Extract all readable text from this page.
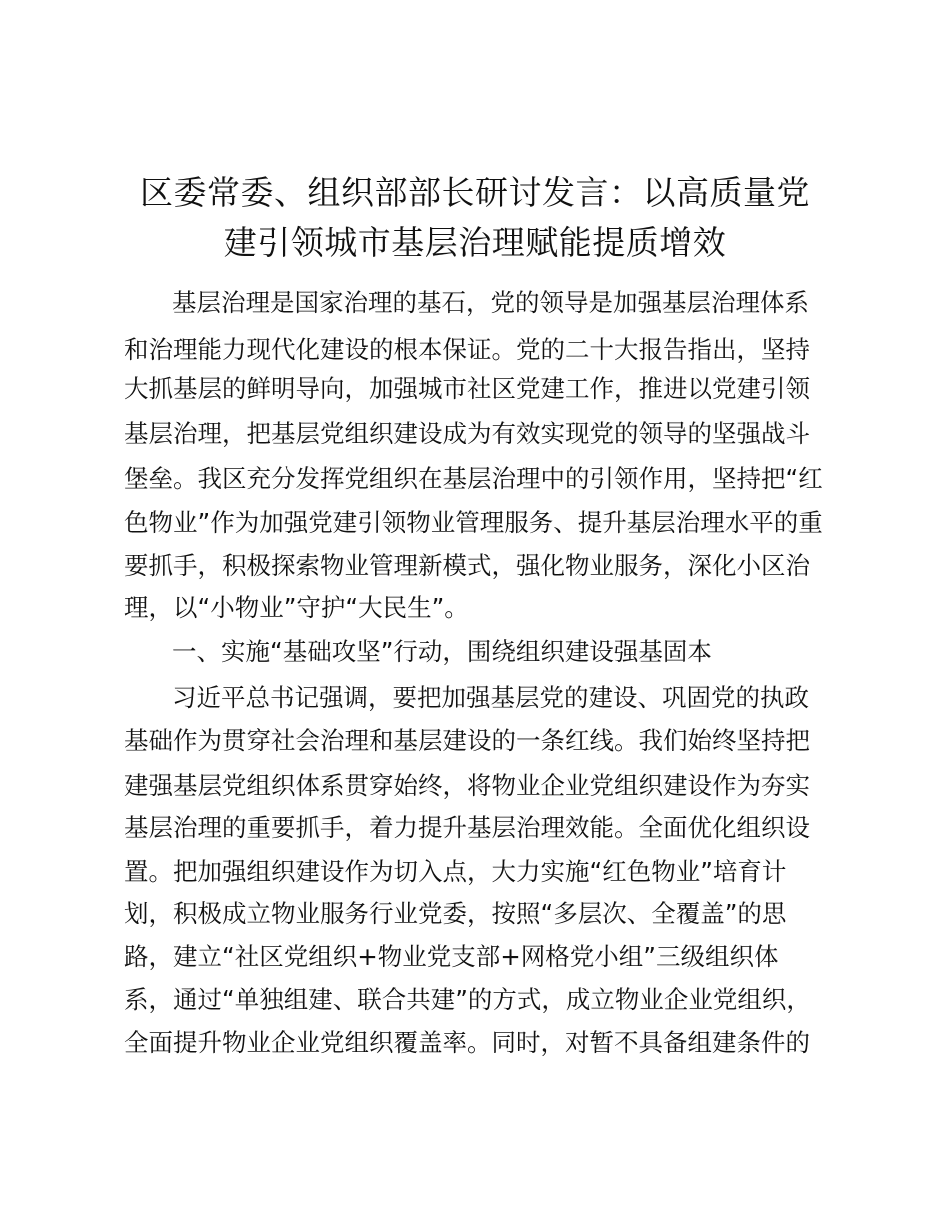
区委常委、组织部部长研讨发言：以高质量党
建引领城市基层治理赋能提质增效

基层治理是国家治理的基石，党的领导是加强基层治理体系

和治理能力现代化建设的根本保证。党的二十大报告指出，坚持

大抓基层的鲜明导向，加强城市社区党建工作，推进以党建引领

基层治理，把基层党组织建设成为有效实现党的领导的坚强战斗

堡垒。我区充分发挥党组织在基层治理中的引领作用，坚持把“红

色物业”作为加强党建引领物业管理服务、提升基层治理水平的重

要抓手，积极探索物业管理新模式，强化物业服务，深化小区治

理，以“小物业”守护“大民生”。

一、实施“基础攻坚”行动，围绕组织建设强基固本

习近平总书记强调，要把加强基层党的建设、巩固党的执政

基础作为贯穿社会治理和基层建设的一条红线。我们始终坚持把

建强基层党组织体系贯穿始终，将物业企业党组织建设作为夯实

基层治理的重要抓手，着力提升基层治理效能。全面优化组织设

置。把加强组织建设作为切入点，大力实施“红色物业”培育计

划，积极成立物业服务行业党委，按照“多层次、全覆盖”的思

路，建立“社区党组织+物业党支部+网格党小组”三级组织体

系，通过“单独组建、联合共建”的方式，成立物业企业党组织，

全面提升物业企业党组织覆盖率。同时，对暂不具备组建条件的
